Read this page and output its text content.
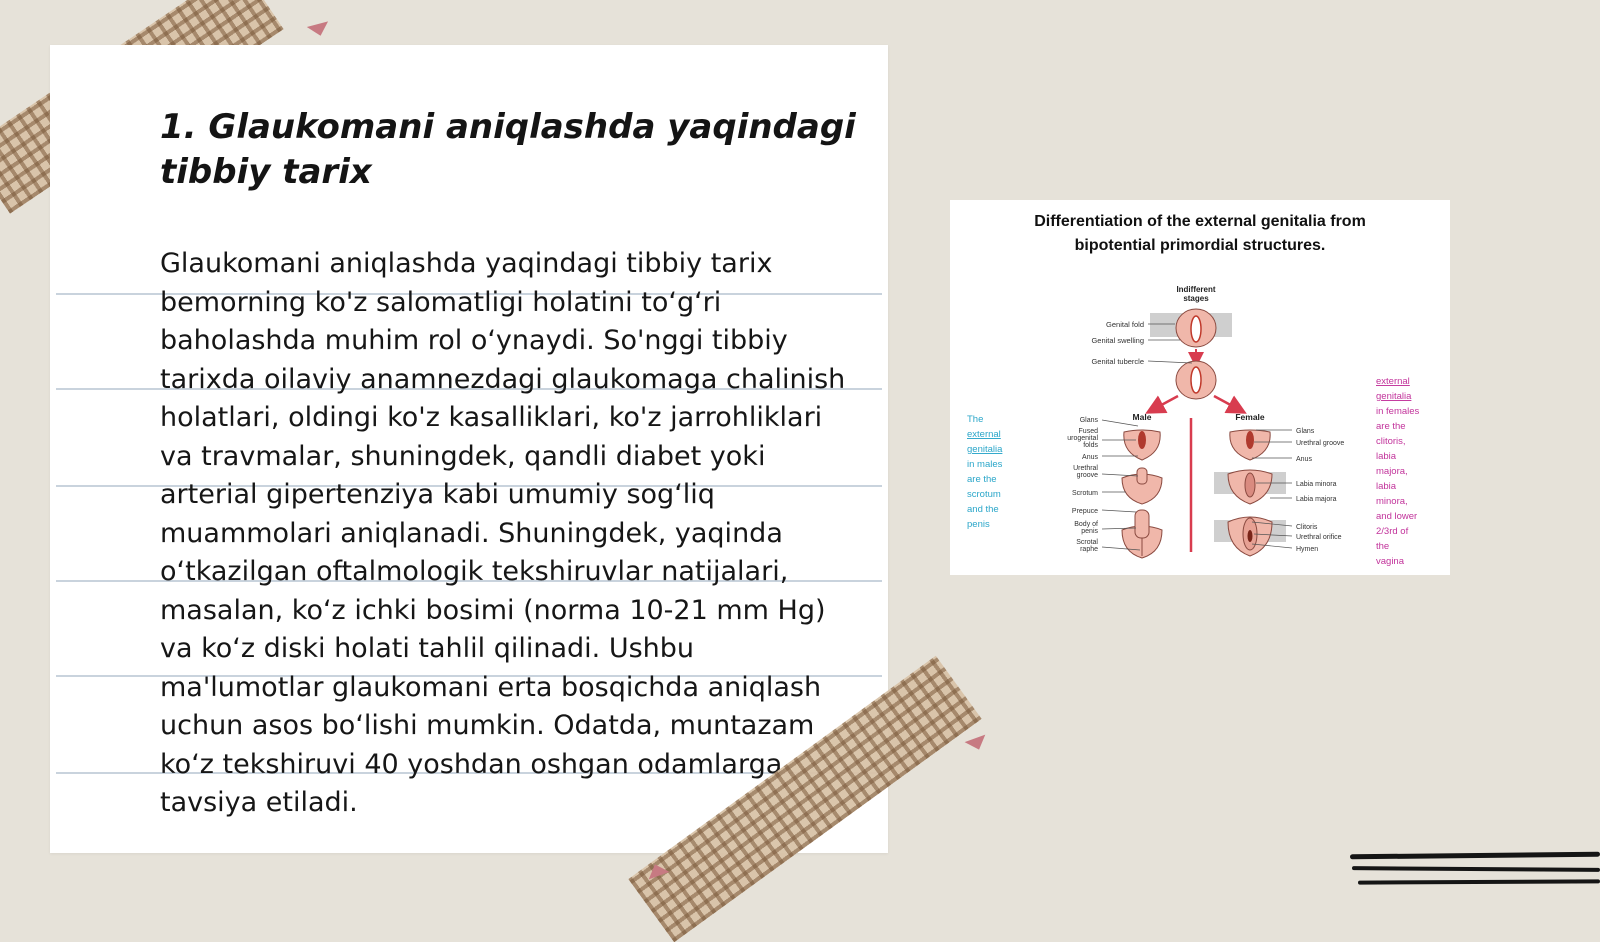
1. Glaukomani aniqlashda yaqindagi tibbiy tarix

Glaukomani aniqlashda yaqindagi tibbiy tarix bemorning ko'z salomatligi holatini to‘g‘ri baholashda muhim rol o‘ynaydi. So'nggi tibbiy tarixda oilaviy anamnezdagi glaukomaga chalinish holatlari, oldingi ko'z kasalliklari, ko'z jarrohliklari va travmalar, shuningdek, qandli diabet yoki arterial gipertenziya kabi umumiy sog‘liq muammolari aniqlanadi. Shuningdek, yaqinda o‘tkazilgan oftalmologik tekshiruvlar natijalari, masalan, ko‘z ichki bosimi (norma 10-21 mm Hg) va ko‘z diski holati tahlil qilinadi. Ushbu ma'lumotlar glaukomani erta bosqichda aniqlash uchun asos bo‘lishi mumkin. Odatda, muntazam ko‘z tekshiruvi 40 yoshdan oshgan odamlarga tavsiya etiladi.

Differentiation of the external genitalia from
bipotential primordial structures.
Indifferent
stages
Genital fold
Genital swelling
Genital tubercle
Male	Female
Glans
Fused
urogenital
folds
Anus
Urethral
groove
Scrotum
Prepuce
Body of
penis
Scrotal
raphe
Glans
Urethral groove
Anus
Labia minora
Labia majora
Clitoris
Urethral orifice
Hymen
The
external
genitalia
in males
are the
scrotum
and the
penis
external
genitalia
in females
are the
clitoris,
labia
majora,
labia
minora,
and lower
2/3rd of
the
vagina
